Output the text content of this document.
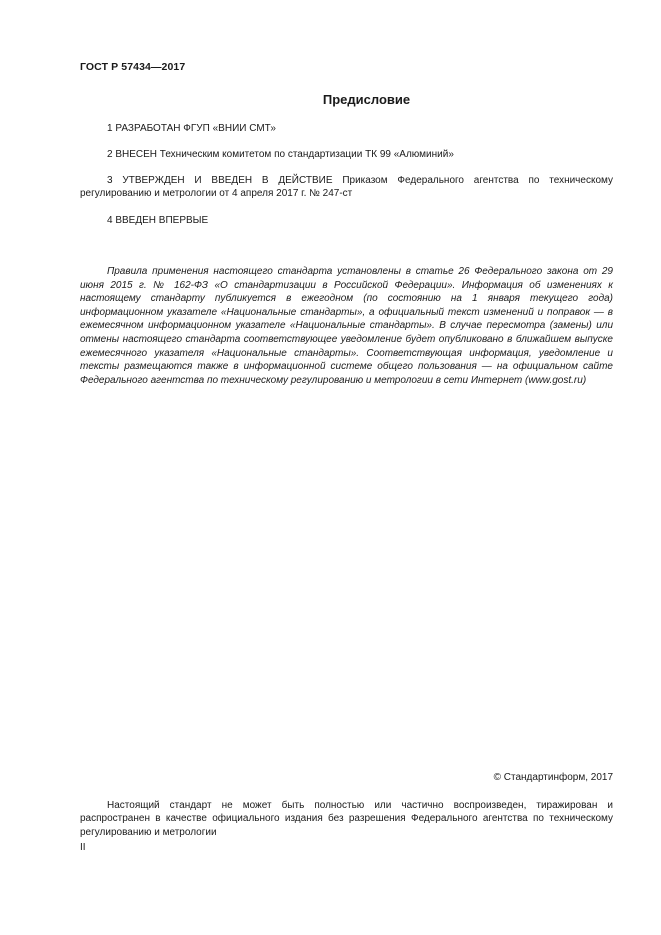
ГОСТ Р 57434—2017
Предисловие
1 РАЗРАБОТАН ФГУП «ВНИИ СМТ»
2 ВНЕСЕН Техническим комитетом по стандартизации ТК 99 «Алюминий»
3 УТВЕРЖДЕН И ВВЕДЕН В ДЕЙСТВИЕ Приказом Федерального агентства по техническому регулированию и метрологии от 4 апреля 2017 г. № 247-ст
4 ВВЕДЕН ВПЕРВЫЕ
Правила применения настоящего стандарта установлены в статье 26 Федерального закона от 29 июня 2015 г. № 162-ФЗ «О стандартизации в Российской Федерации». Информация об изменениях к настоящему стандарту публикуется в ежегодном (по состоянию на 1 января текущего года) информационном указателе «Национальные стандарты», а официальный текст изменений и поправок — в ежемесячном информационном указателе «Национальные стандарты». В случае пересмотра (замены) или отмены настоящего стандарта соответствующее уведомление будет опубликовано в ближайшем выпуске ежемесячного указателя «Национальные стандарты». Соответствующая информация, уведомление и тексты размещаются также в информационной системе общего пользования — на официальном сайте Федерального агентства по техническому регулированию и метрологии в сети Интернет (www.gost.ru)
© Стандартинформ, 2017
Настоящий стандарт не может быть полностью или частично воспроизведен, тиражирован и распространен в качестве официального издания без разрешения Федерального агентства по техническому регулированию и метрологии
II
